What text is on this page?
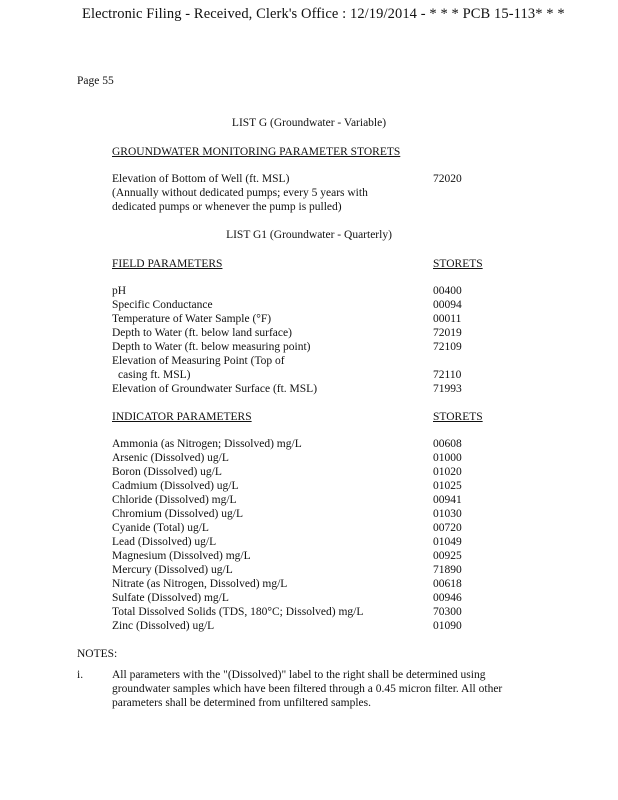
Electronic Filing - Received, Clerk's Office : 12/19/2014 - * * * PCB 15-113* * *
Page 55
LIST G (Groundwater - Variable)
GROUNDWATER MONITORING PARAMETER STORETS
Elevation of Bottom of Well (ft. MSL)	72020
(Annually without dedicated pumps; every 5 years with
dedicated pumps or whenever the pump is pulled)
LIST G1 (Groundwater - Quarterly)
FIELD PARAMETERS	STORETS
pH	00400
Specific Conductance	00094
Temperature of Water Sample (°F)	00011
Depth to Water (ft. below land surface)	72019
Depth to Water (ft. below measuring point)	72109
Elevation of Measuring Point (Top of
casing ft. MSL)	72110
Elevation of Groundwater Surface (ft. MSL)	71993
INDICATOR PARAMETERS	STORETS
Ammonia (as Nitrogen; Dissolved) mg/L	00608
Arsenic (Dissolved) ug/L	01000
Boron (Dissolved) ug/L	01020
Cadmium (Dissolved) ug/L	01025
Chloride (Dissolved) mg/L	00941
Chromium (Dissolved) ug/L	01030
Cyanide (Total) ug/L	00720
Lead (Dissolved) ug/L	01049
Magnesium (Dissolved) mg/L	00925
Mercury (Dissolved) ug/L	71890
Nitrate (as Nitrogen, Dissolved) mg/L	00618
Sulfate (Dissolved) mg/L	00946
Total Dissolved Solids (TDS, 180°C; Dissolved) mg/L	70300
Zinc (Dissolved) ug/L	01090
NOTES:
i.	All parameters with the "(Dissolved)" label to the right shall be determined using
groundwater samples which have been filtered through a 0.45 micron filter. All other
parameters shall be determined from unfiltered samples.
